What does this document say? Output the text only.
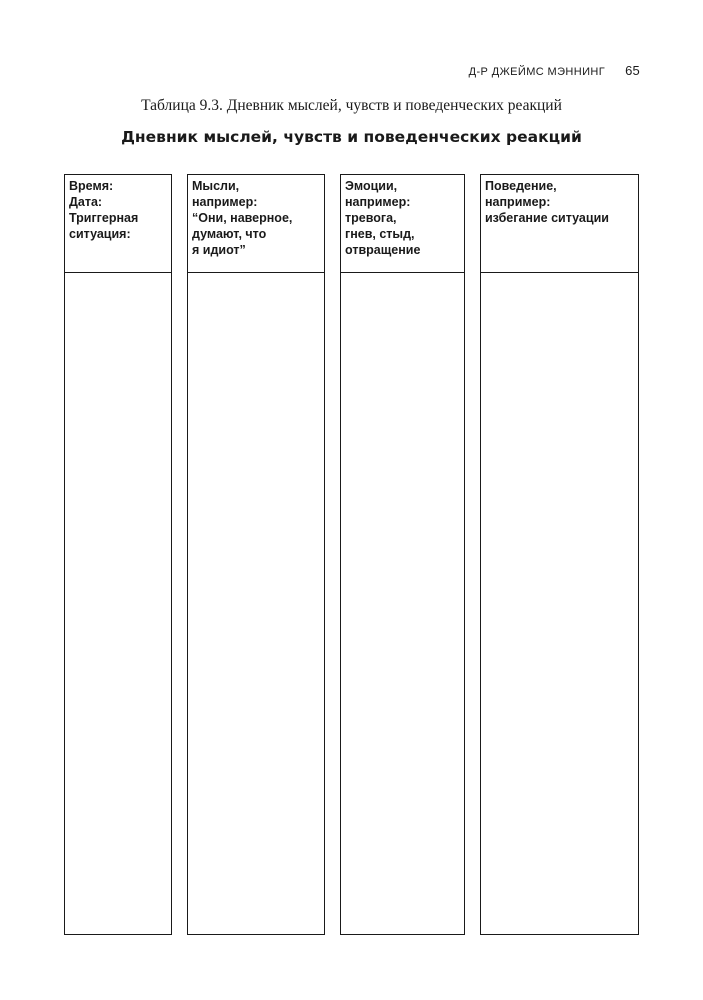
Д-Р ДЖЕЙМС МЭННИНГ 65
Таблица 9.3. Дневник мыслей, чувств и поведенческих реакций
Дневник мыслей, чувств и поведенческих реакций
Время:
Дата:
Триггерная
ситуация:
Мысли,
например:
“Они, наверное,
думают, что
я идиот”
Эмоции,
например:
тревога,
гнев, стыд,
отвращение
Поведение,
например:
избегание ситуации
